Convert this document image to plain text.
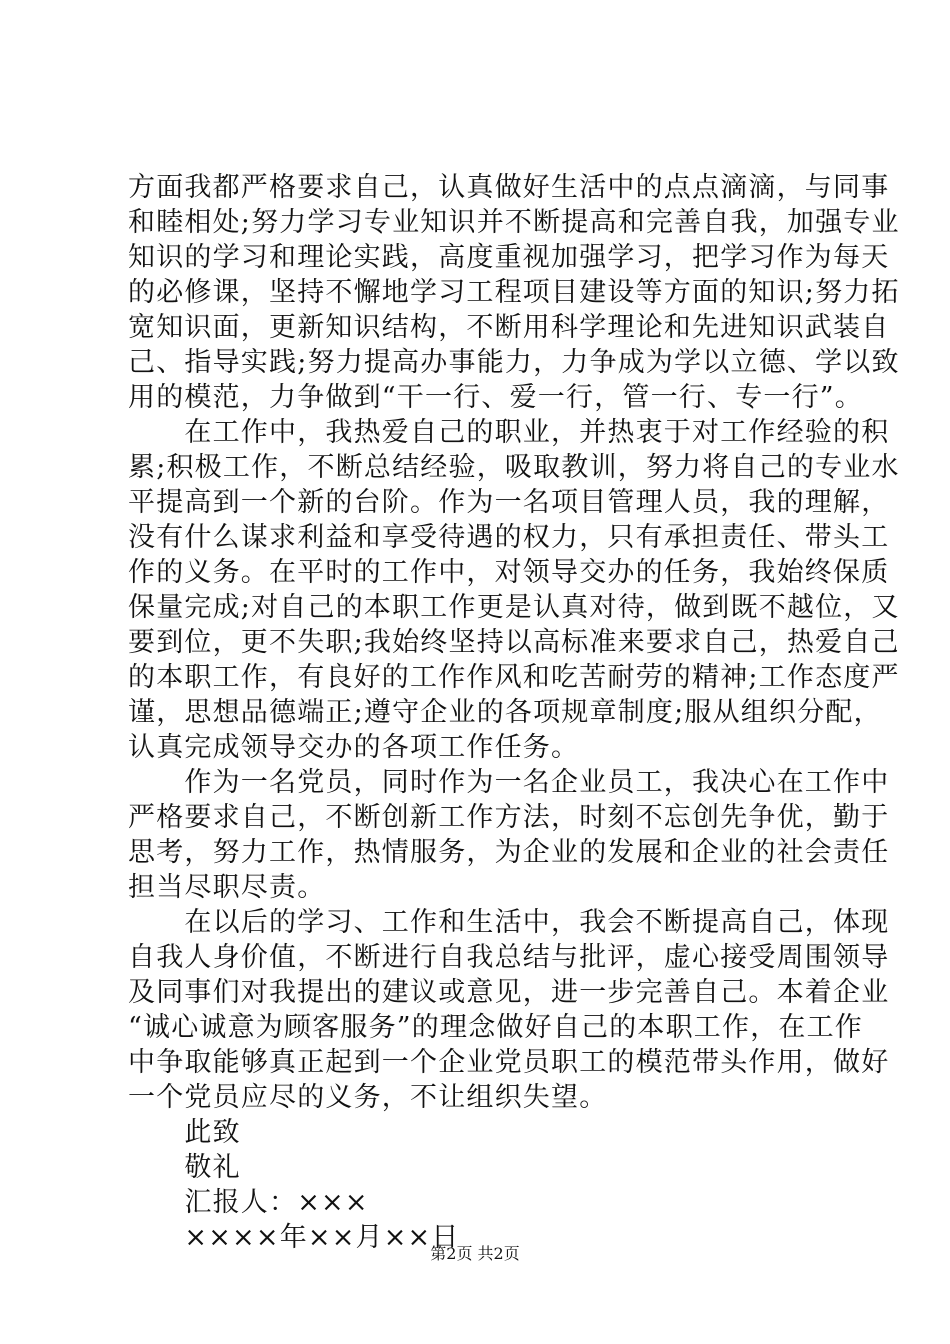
方面我都严格要求自己，认真做好生活中的点点滴滴，与同事
和睦相处;努力学习专业知识并不断提高和完善自我，加强专业
知识的学习和理论实践，高度重视加强学习，把学习作为每天
的必修课，坚持不懈地学习工程项目建设等方面的知识;努力拓
宽知识面，更新知识结构，不断用科学理论和先进知识武装自
己、指导实践;努力提高办事能力，力争成为学以立德、学以致
用的模范，力争做到“干一行、爱一行，管一行、专一行”。
　　在工作中，我热爱自己的职业，并热衷于对工作经验的积
累;积极工作，不断总结经验，吸取教训，努力将自己的专业水
平提高到一个新的台阶。作为一名项目管理人员，我的理解，
没有什么谋求利益和享受待遇的权力，只有承担责任、带头工
作的义务。在平时的工作中，对领导交办的任务，我始终保质
保量完成;对自己的本职工作更是认真对待，做到既不越位，又
要到位，更不失职;我始终坚持以高标准来要求自己，热爱自己
的本职工作，有良好的工作作风和吃苦耐劳的精神;工作态度严
谨，思想品德端正;遵守企业的各项规章制度;服从组织分配，
认真完成领导交办的各项工作任务。
　　作为一名党员，同时作为一名企业员工，我决心在工作中
严格要求自己，不断创新工作方法，时刻不忘创先争优，勤于
思考，努力工作，热情服务，为企业的发展和企业的社会责任
担当尽职尽责。
　　在以后的学习、工作和生活中，我会不断提高自己，体现
自我人身价值，不断进行自我总结与批评，虚心接受周围领导
及同事们对我提出的建议或意见，进一步完善自己。本着企业
“诚心诚意为顾客服务”的理念做好自己的本职工作，在工作
中争取能够真正起到一个企业党员职工的模范带头作用，做好
一个党员应尽的义务，不让组织失望。
　　此致
　　敬礼
　　汇报人：×××
　　××××年××月××日
第2页 共2页
